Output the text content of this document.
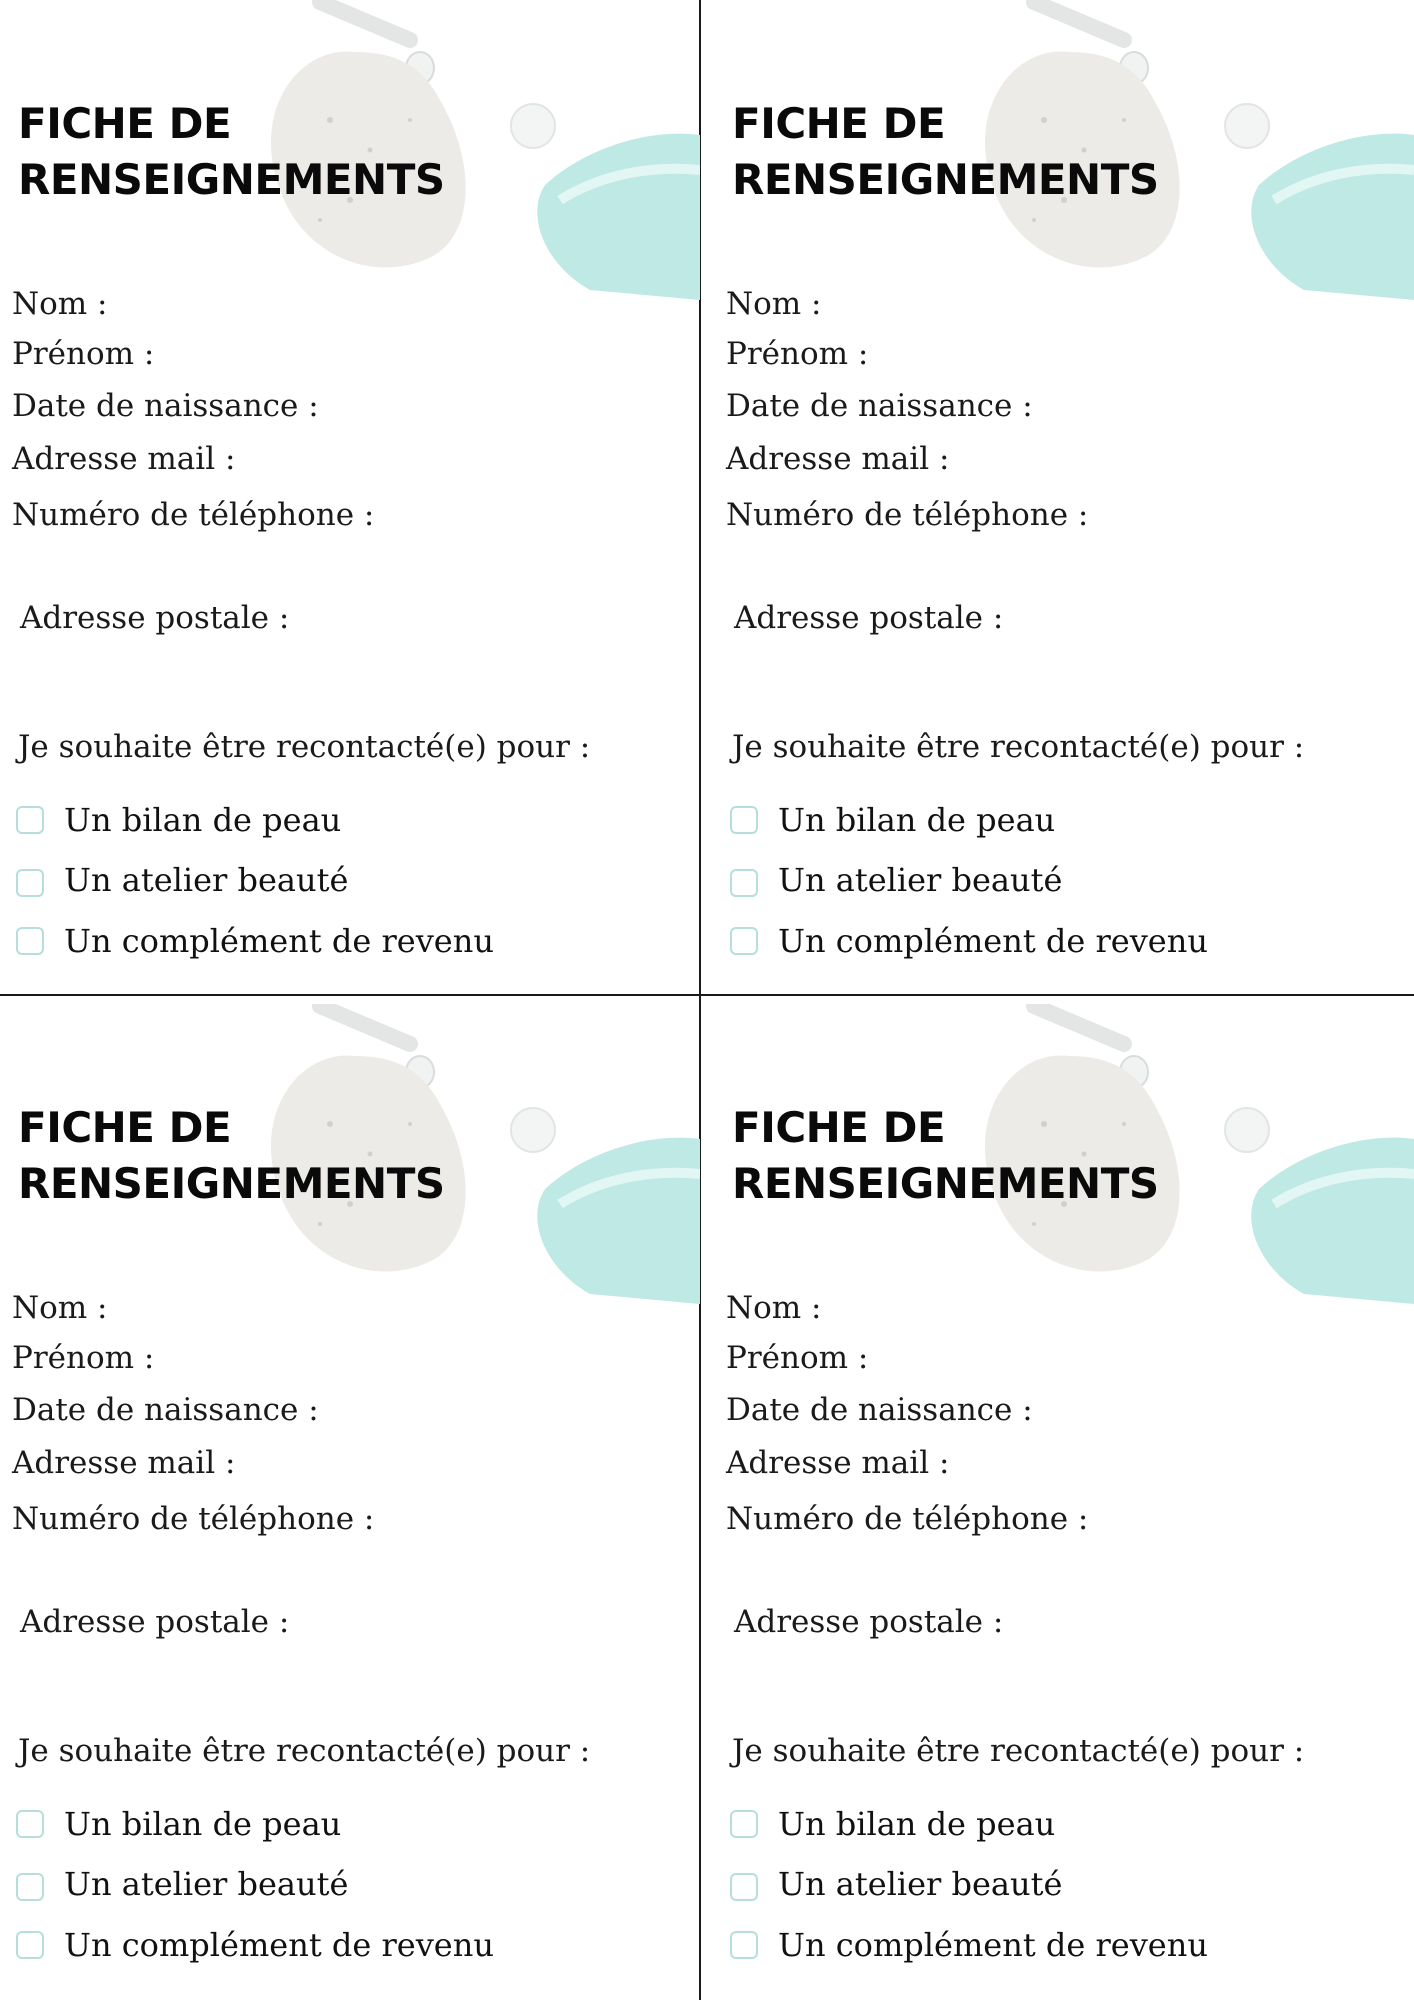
FICHE DE
RENSEIGNEMENTS
Nom :
Prénom :
Date de naissance :
Adresse mail :
Numéro de téléphone :
Adresse postale :
Je souhaite être recontacté(e) pour :
Un bilan de peau
Un atelier beauté
Un complément de revenu
FICHE DE
RENSEIGNEMENTS
Nom :
Prénom :
Date de naissance :
Adresse mail :
Numéro de téléphone :
Adresse postale :
Je souhaite être recontacté(e) pour :
Un bilan de peau
Un atelier beauté
Un complément de revenu
FICHE DE
RENSEIGNEMENTS
Nom :
Prénom :
Date de naissance :
Adresse mail :
Numéro de téléphone :
Adresse postale :
Je souhaite être recontacté(e) pour :
Un bilan de peau
Un atelier beauté
Un complément de revenu
FICHE DE
RENSEIGNEMENTS
Nom :
Prénom :
Date de naissance :
Adresse mail :
Numéro de téléphone :
Adresse postale :
Je souhaite être recontacté(e) pour :
Un bilan de peau
Un atelier beauté
Un complément de revenu
